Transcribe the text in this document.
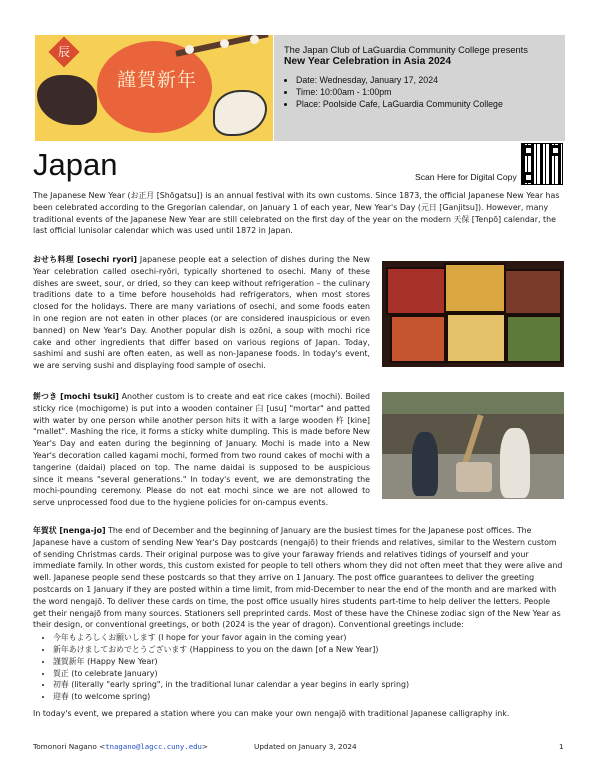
辰
謹賀新年
The Japan Club of LaGuardia Community College presents
New Year Celebration in Asia 2024
• Date: Wednesday, January 17, 2024
• Time: 10:00am - 1:00pm
• Place: Poolside Cafe, LaGuardia Community College
Japan	Scan Here for Digital Copy

The Japanese New Year (お正月 [Shōgatsu]) is an annual festival with its own customs. Since 1873, the official Japanese New Year has been celebrated according to the Gregorian calendar, on January 1 of each year, New Year's Day (元日 [Ganjitsu]). However, many traditional events of the Japanese New Year are still celebrated on the first day of the year on the modern 天保 [Tenpō] calendar, the last official lunisolar calendar which was used until 1872 in Japan.

おせち料理 [osechi ryori] Japanese people eat a selection of dishes during the New Year celebration called osechi-ryōri, typically shortened to osechi. Many of these dishes are sweet, sour, or dried, so they can keep without refrigeration – the culinary traditions date to a time before households had refrigerators, when most stores closed for the holidays. There are many variations of osechi, and some foods eaten in one region are not eaten in other places (or are considered inauspicious or even banned) on New Year's Day. Another popular dish is ozōni, a soup with mochi rice cake and other ingredients that differ based on various regions of Japan. Today, sashimi and sushi are often eaten, as well as non-Japanese foods. In today's event, we are serving sushi and displaying food sample of osechi.

餅つき [mochi tsuki] Another custom is to create and eat rice cakes (mochi). Boiled sticky rice (mochigome) is put into a wooden container 臼 [usu] "mortar" and patted with water by one person while another person hits it with a large wooden 杵 [kine] "mallet". Mashing the rice, it forms a sticky white dumpling. This is made before New Year's Day and eaten during the beginning of January. Mochi is made into a New Year's decoration called kagami mochi, formed from two round cakes of mochi with a tangerine (daidai) placed on top. The name daidai is supposed to be auspicious since it means "several generations." In today's event, we are demonstrating the mochi-pounding ceremony. Please do not eat mochi since we are not allowed to serve unprocessed food due to the hygiene policies for on-campus events.

年賀状 [nenga-jo] The end of December and the beginning of January are the busiest times for the Japanese post offices. The Japanese have a custom of sending New Year's Day postcards (nengajō) to their friends and relatives, similar to the Western custom of sending Christmas cards. Their original purpose was to give your faraway friends and relatives tidings of yourself and your immediate family. In other words, this custom existed for people to tell others whom they did not often meet that they were alive and well. Japanese people send these postcards so that they arrive on 1 January. The post office guarantees to deliver the greeting postcards on 1 January if they are posted within a time limit, from mid-December to near the end of the month and are marked with the word nengajō. To deliver these cards on time, the post office usually hires students part-time to help deliver the letters. People get their nengajō from many sources. Stationers sell preprinted cards. Most of these have the Chinese zodiac sign of the New Year as their design, or conventional greetings, or both (2024 is the year of dragon). Conventional greetings include:
• 今年もよろしくお願いします (I hope for your favor again in the coming year)
• 新年あけましておめでとうございます (Happiness to you on the dawn [of a New Year])
• 謹賀新年 (Happy New Year)
• 賀正 (to celebrate January)
• 初春 (literally "early spring", in the traditional lunar calendar a year begins in early spring)
• 迎春 (to welcome spring)

In today's event, we prepared a station where you can make your own nengajō with traditional Japanese calligraphy ink.

Tomonori Nagano <tnagano@lagcc.cuny.edu>	Updated on January 3, 2024	1
